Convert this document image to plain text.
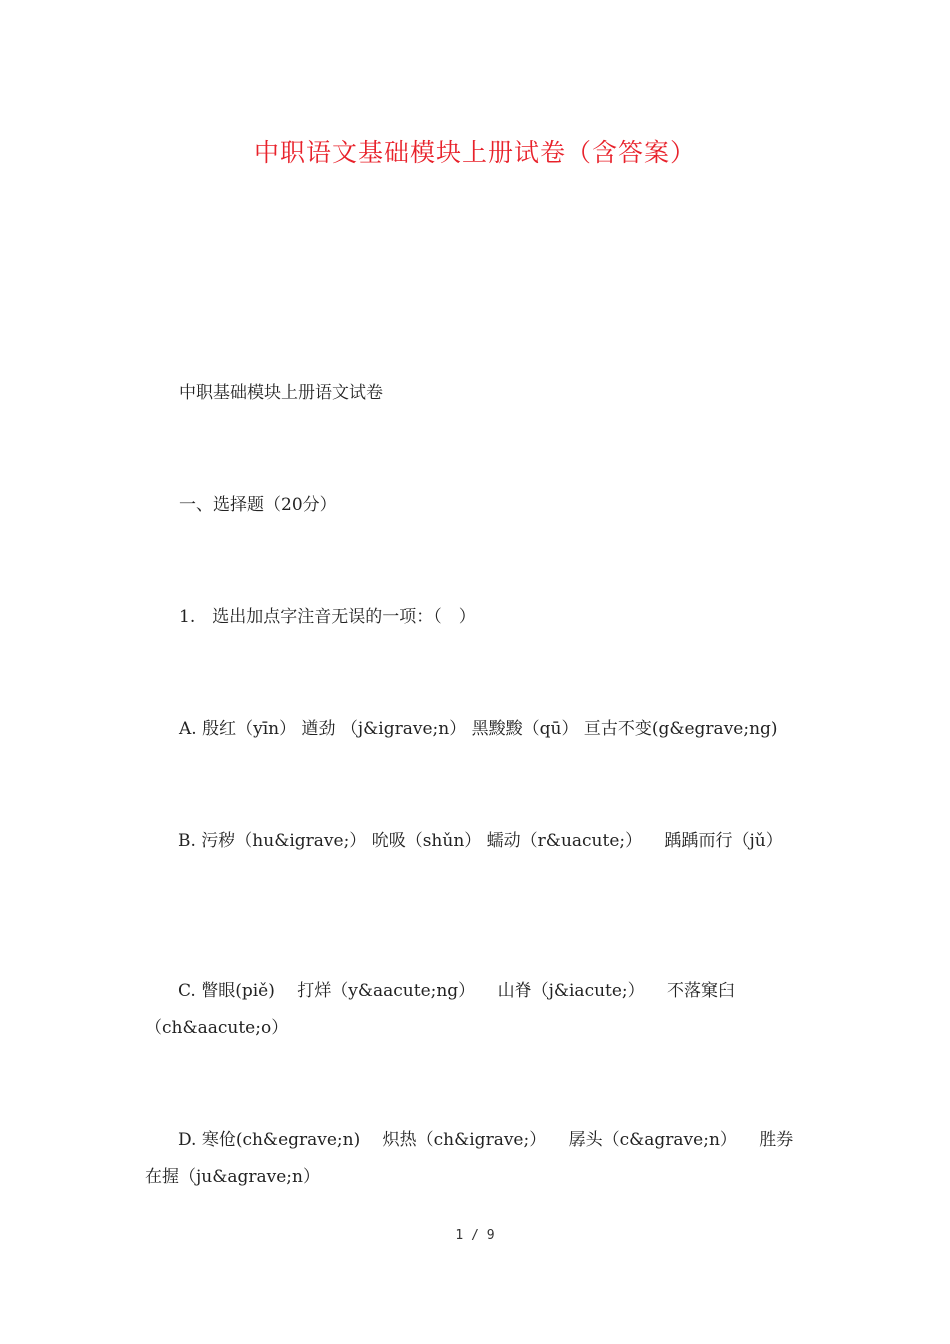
中职语文基础模块上册试卷（含答案）
中职基础模块上册语文试卷
一、选择题（20分）
1.　选出加点字注音无误的一项：（　）
A. 殷红（yīn） 遒劲 （j&igrave;n） 黑黢黢（qū） 亘古不变(g&egrave;ng)
B. 污秽（hu&igrave;） 吮吸（shǔn） 蠕动（r&uacute;） 　踽踽而行（jǔ）
C. 瞥眼(piě) 　打烊（y&aacute;ng） 　山脊（j&iacute;） 　不落窠臼（ch&aacute;o）
D. 寒伧(ch&egrave;n) 　炽热（ch&igrave;） 　孱头（c&agrave;n） 　胜券在握（ju&agrave;n）
1 / 9
